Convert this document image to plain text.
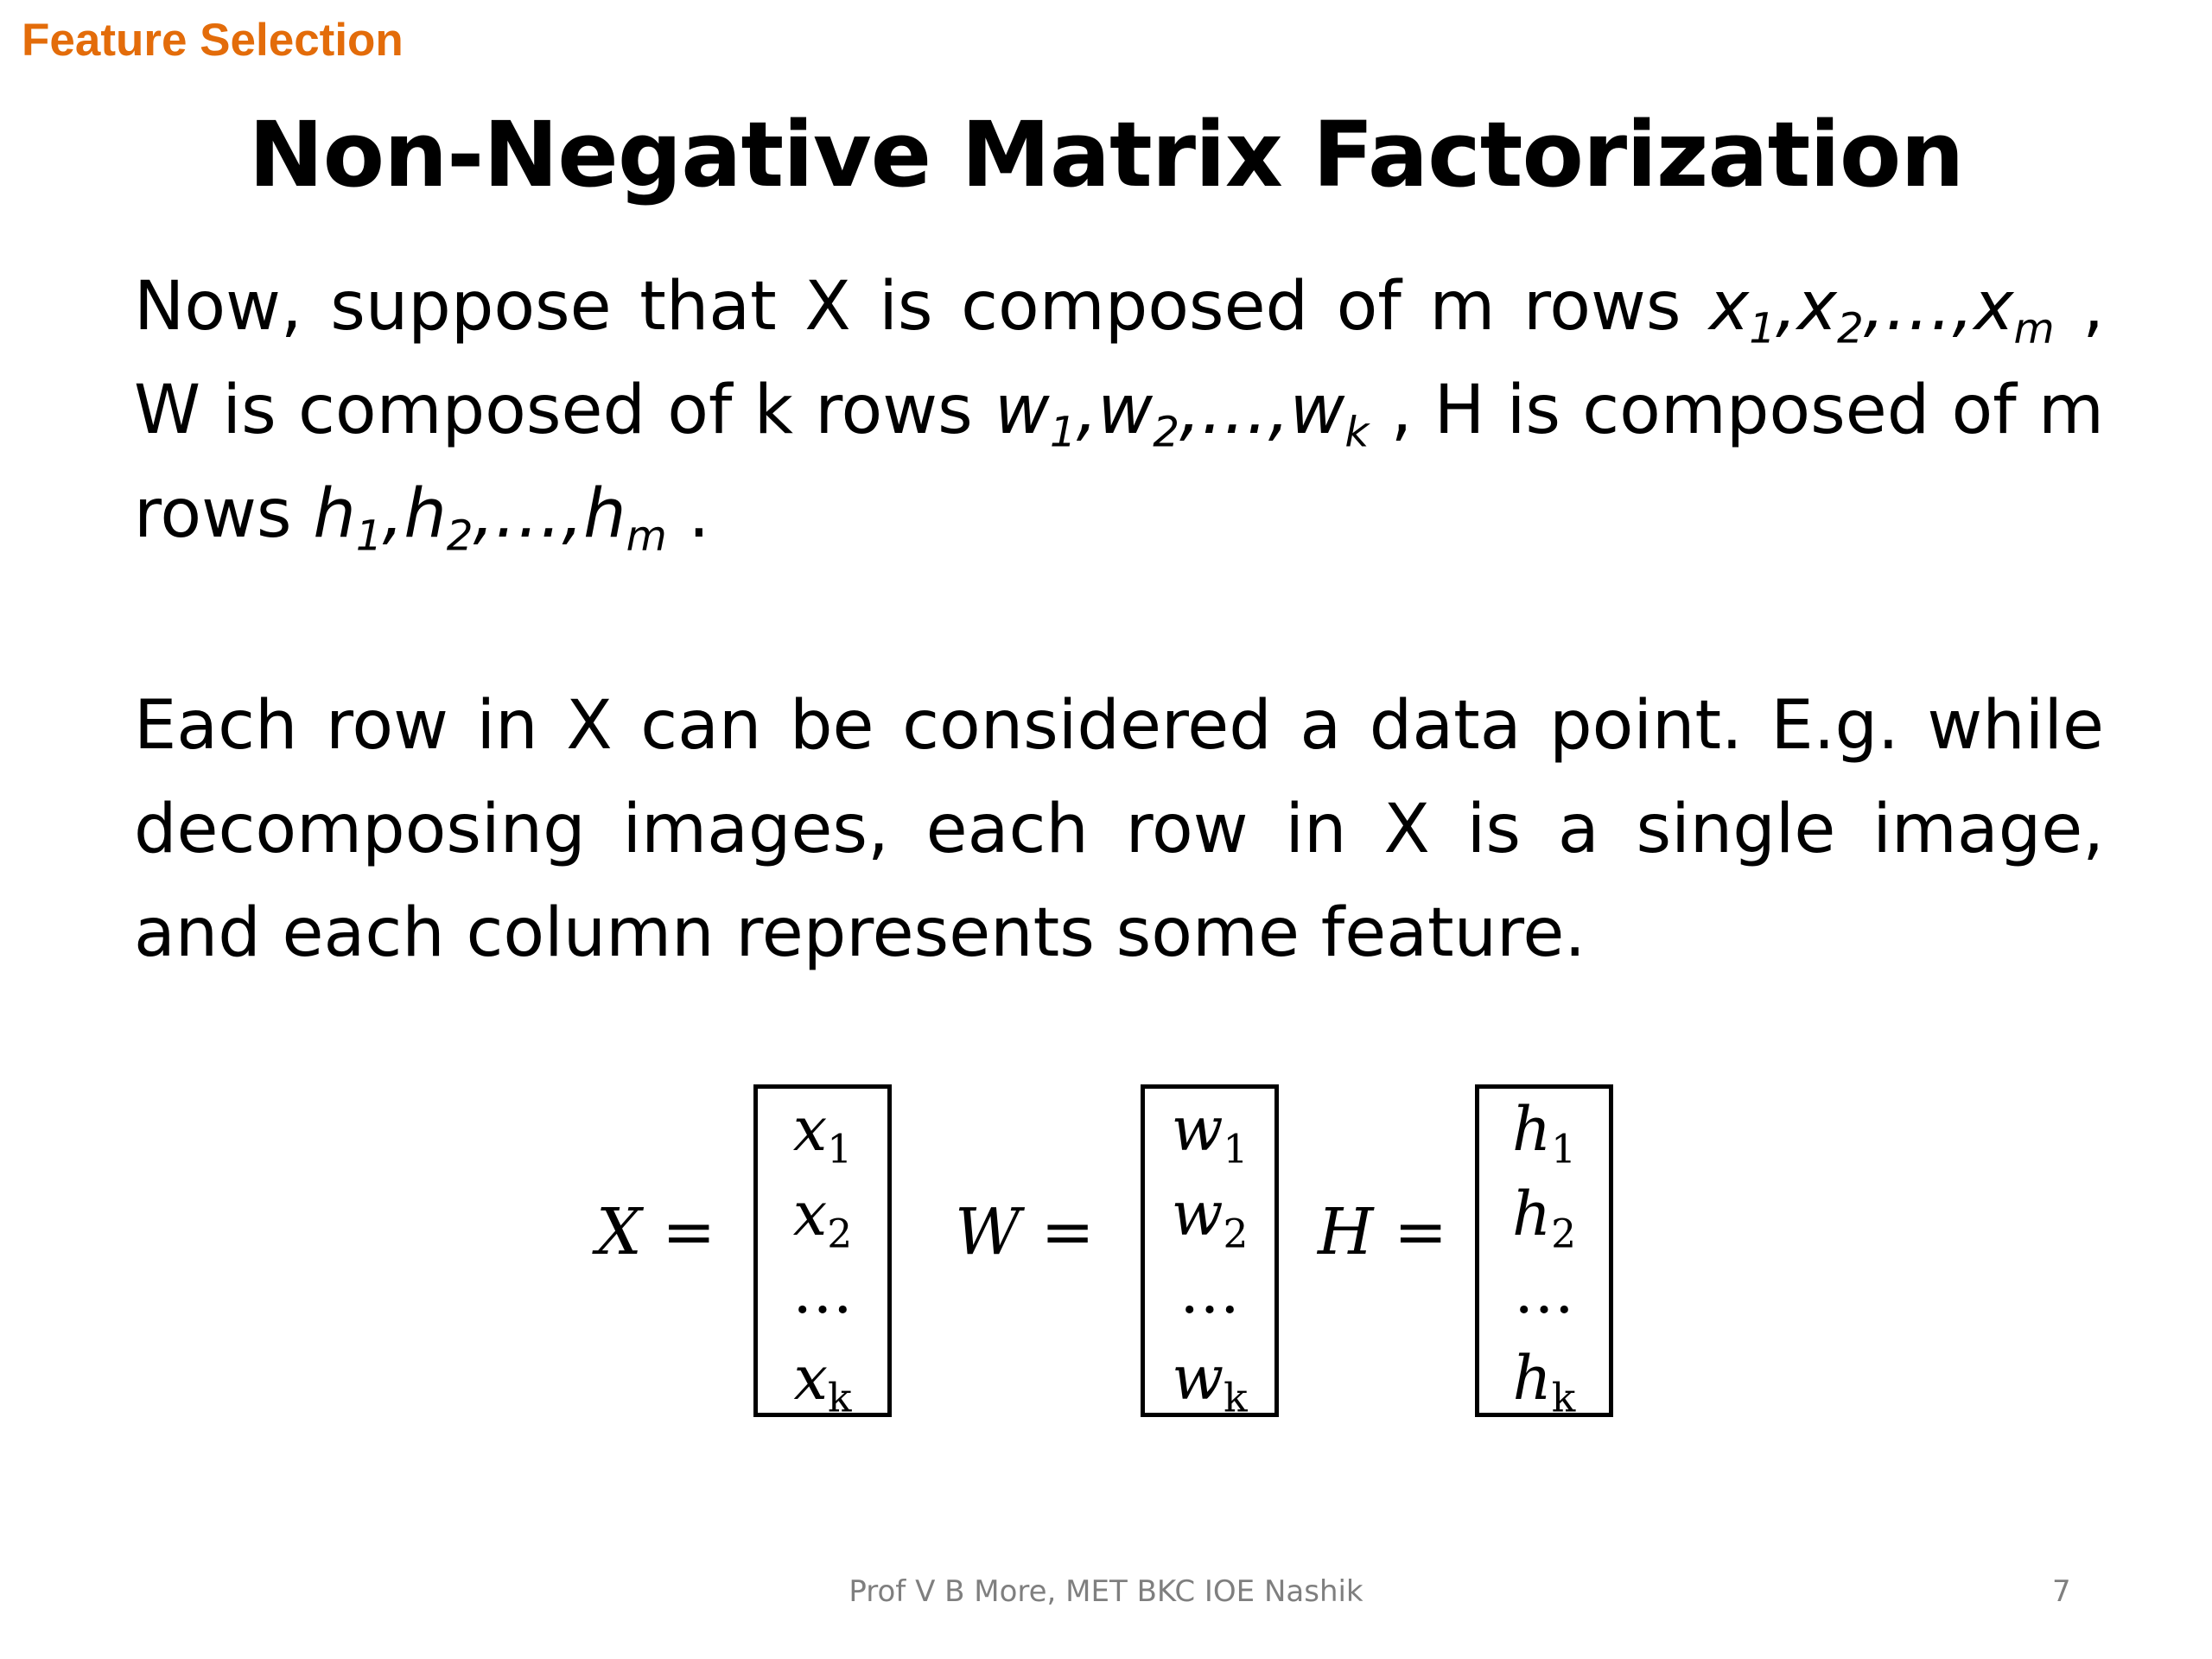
Feature Selection
Non-Negative Matrix Factorization
Now, suppose that X is composed of m rows $x_1,x_2,\dots,x_m$ , W is composed of k rows $w_1,w_2,\dots,w_k$ , H is composed of m rows $h_1,h_2,\dots,h_m$ .
Each row in X can be considered a data point. E.g. while decomposing images, each row in X is a single image, and each column represents some feature.
X =
$x_1$
$x_2$
…
$x_k$
W =
$w_1$
$w_2$
…
$w_k$
H =
$h_1$
$h_2$
…
$h_k$
Prof V B More, MET BKC IOE Nashik	7
